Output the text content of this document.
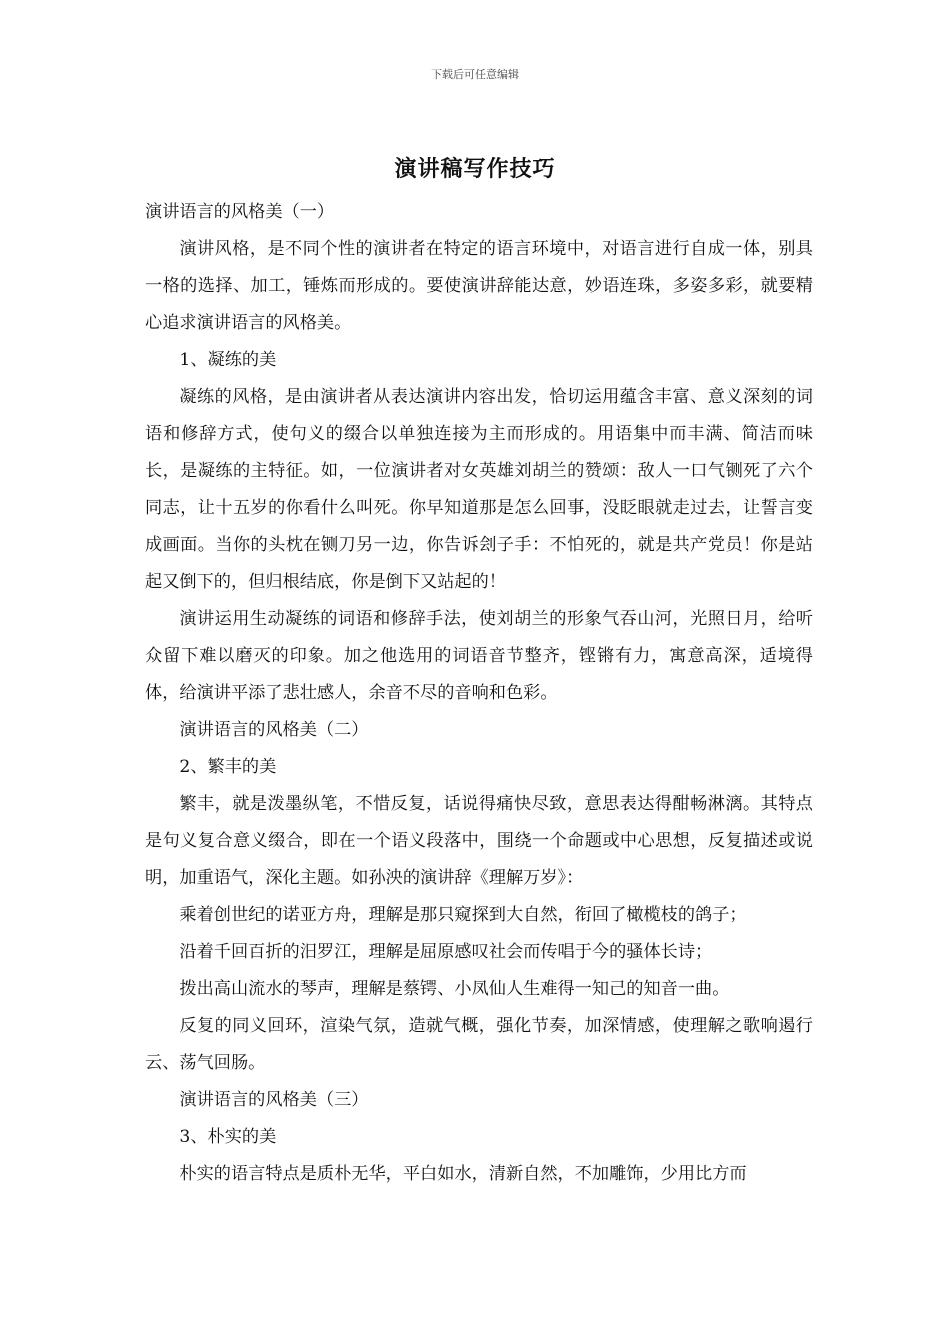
下载后可任意编辑
演讲稿写作技巧

演讲语言的风格美（一）

演讲风格，是不同个性的演讲者在特定的语言环境中，对语言进行自成一体，别具一格的选择、加工，锤炼而形成的。要使演讲辞能达意，妙语连珠，多姿多彩，就要精心追求演讲语言的风格美。

1、凝练的美

凝练的风格，是由演讲者从表达演讲内容出发，恰切运用蕴含丰富、意义深刻的词语和修辞方式，使句义的缀合以单独连接为主而形成的。用语集中而丰满、简洁而味长，是凝练的主特征。如，一位演讲者对女英雄刘胡兰的赞颂：敌人一口气铡死了六个同志，让十五岁的你看什么叫死。你早知道那是怎么回事，没眨眼就走过去，让誓言变成画面。当你的头枕在铡刀另一边，你告诉刽子手：不怕死的，就是共产党员！你是站起又倒下的，但归根结底，你是倒下又站起的！

演讲运用生动凝练的词语和修辞手法，使刘胡兰的形象气吞山河，光照日月，给听众留下难以磨灭的印象。加之他选用的词语音节整齐，铿锵有力，寓意高深，适境得体，给演讲平添了悲壮感人，余音不尽的音响和色彩。

演讲语言的风格美（二）

2、繁丰的美

繁丰，就是泼墨纵笔，不惜反复，话说得痛快尽致，意思表达得酣畅淋漓。其特点是句义复合意义缀合，即在一个语义段落中，围绕一个命题或中心思想，反复描述或说明，加重语气，深化主题。如孙泱的演讲辞《理解万岁》：

乘着创世纪的诺亚方舟，理解是那只窥探到大自然，衔回了橄榄枝的鸽子；

沿着千回百折的汨罗江，理解是屈原感叹社会而传唱于今的骚体长诗；

拨出高山流水的琴声，理解是蔡锷、小凤仙人生难得一知己的知音一曲。

反复的同义回环，渲染气氛，造就气概，强化节奏，加深情感，使理解之歌响遏行云、荡气回肠。

演讲语言的风格美（三）

3、朴实的美

朴实的语言特点是质朴无华，平白如水，清新自然，不加雕饰，少用比方而
